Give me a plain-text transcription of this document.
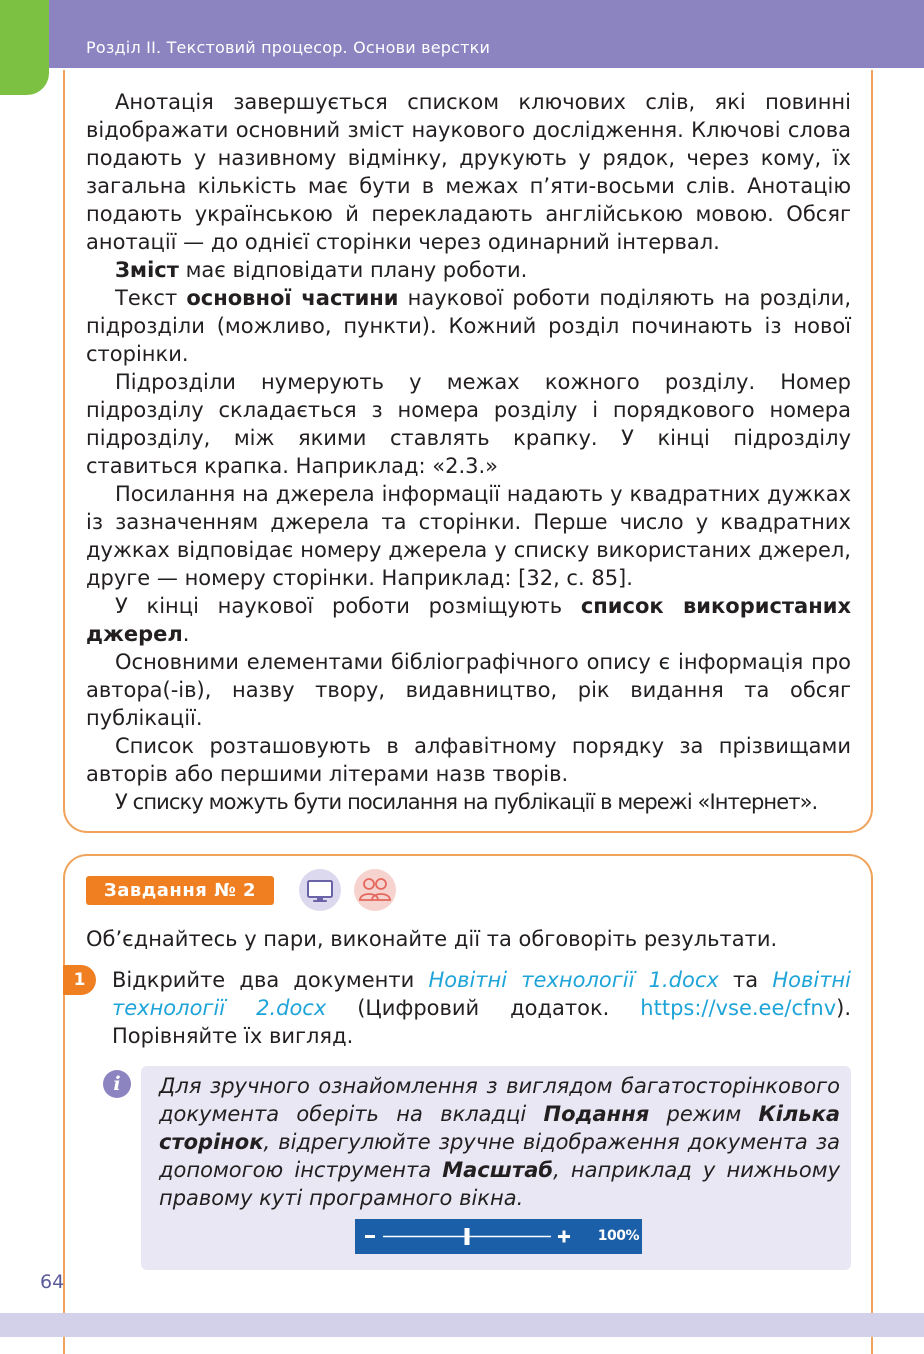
Розділ ІІ. Текстовий процесор. Основи верстки

Анотація завершується списком ключових слів, які повинні відображати основний зміст наукового дослідження. Ключові слова подають у називному відмінку, друкують у рядок, через кому, їх загальна кількість має бути в межах п’яти-восьми слів. Анотацію подають українською й перекладають англійською мовою. Обсяг анотації — до однієї сторінки через одинарний інтервал.

Зміст має відповідати плану роботи.

Текст основної частини наукової роботи поділяють на розділи, підрозділи (можливо, пункти). Кожний розділ починають із нової сторінки.

Підрозділи нумерують у межах кожного розділу. Номер підрозділу складається з номера розділу і порядкового номера підрозділу, між якими ставлять крапку. У кінці підрозділу ставиться крапка. Наприклад: «2.3.»

Посилання на джерела інформації надають у квадратних дужках із зазначенням джерела та сторінки. Перше число у квадратних дужках відповідає номеру джерела у списку використаних джерел, друге — номеру сторінки. Наприклад: [32, с. 85].

У кінці наукової роботи розміщують список використаних джерел.

Основними елементами бібліографічного опису є інформація про автора(-ів), назву твору, видавництво, рік видання та обсяг публікації.

Список розташовують в алфавітному порядку за прізвищами авторів або першими літерами назв творів.

У списку можуть бути посилання на публікації в мережі «Інтернет».

Завдання № 2
Об’єднайтесь у пари, виконайте дії та обговоріть результати.
1	Відкрийте два документи Новітні технології 1.docx та Новітні технології 2.docx (Цифровий додаток. https://vse.ee/cfnv). Порівняйте їх вигляд.
i	Для зручного ознайомлення з виглядом багатосторінкового документа оберіть на вкладці Подання режим Кілька сторінок, відрегулюйте зручне відображення документа за допомогою інструмента Масштаб, наприклад у нижньому правому куті програмного вікна.
100%
64
